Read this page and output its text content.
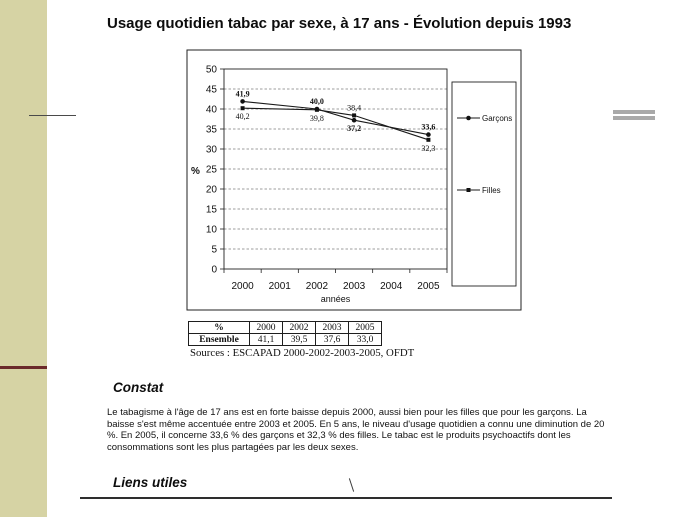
Usage quotidien tabac par sexe, à 17 ans - Évolution depuis 1993
0
5
10
15
20
25
30
35
40
45
50
2000 2001 2002 2003 2004 2005
%
années
41,9
40,0
37,2	33,6
40,2	39,8
38,4
32,3
Garçons
Filles
%	2000	2002	2003	2005
Ensemble	41,1	39,5	37,6	33,0
Sources : ESCAPAD 2000-2002-2003-2005, OFDT
Constat
Le tabagisme à l'âge de 17 ans est en forte baisse depuis 2000, aussi bien pour les filles que pour les garçons. La
baisse s'est même accentuée entre 2003 et 2005. En 5 ans, le niveau d'usage quotidien a connu une diminution de 20
%. En 2005, il concerne 33,6 % des garçons et 32,3 % des filles. Le tabac est le produits psychoactifs dont les
consommations sont les plus partagées par les deux sexes.
Liens utiles
